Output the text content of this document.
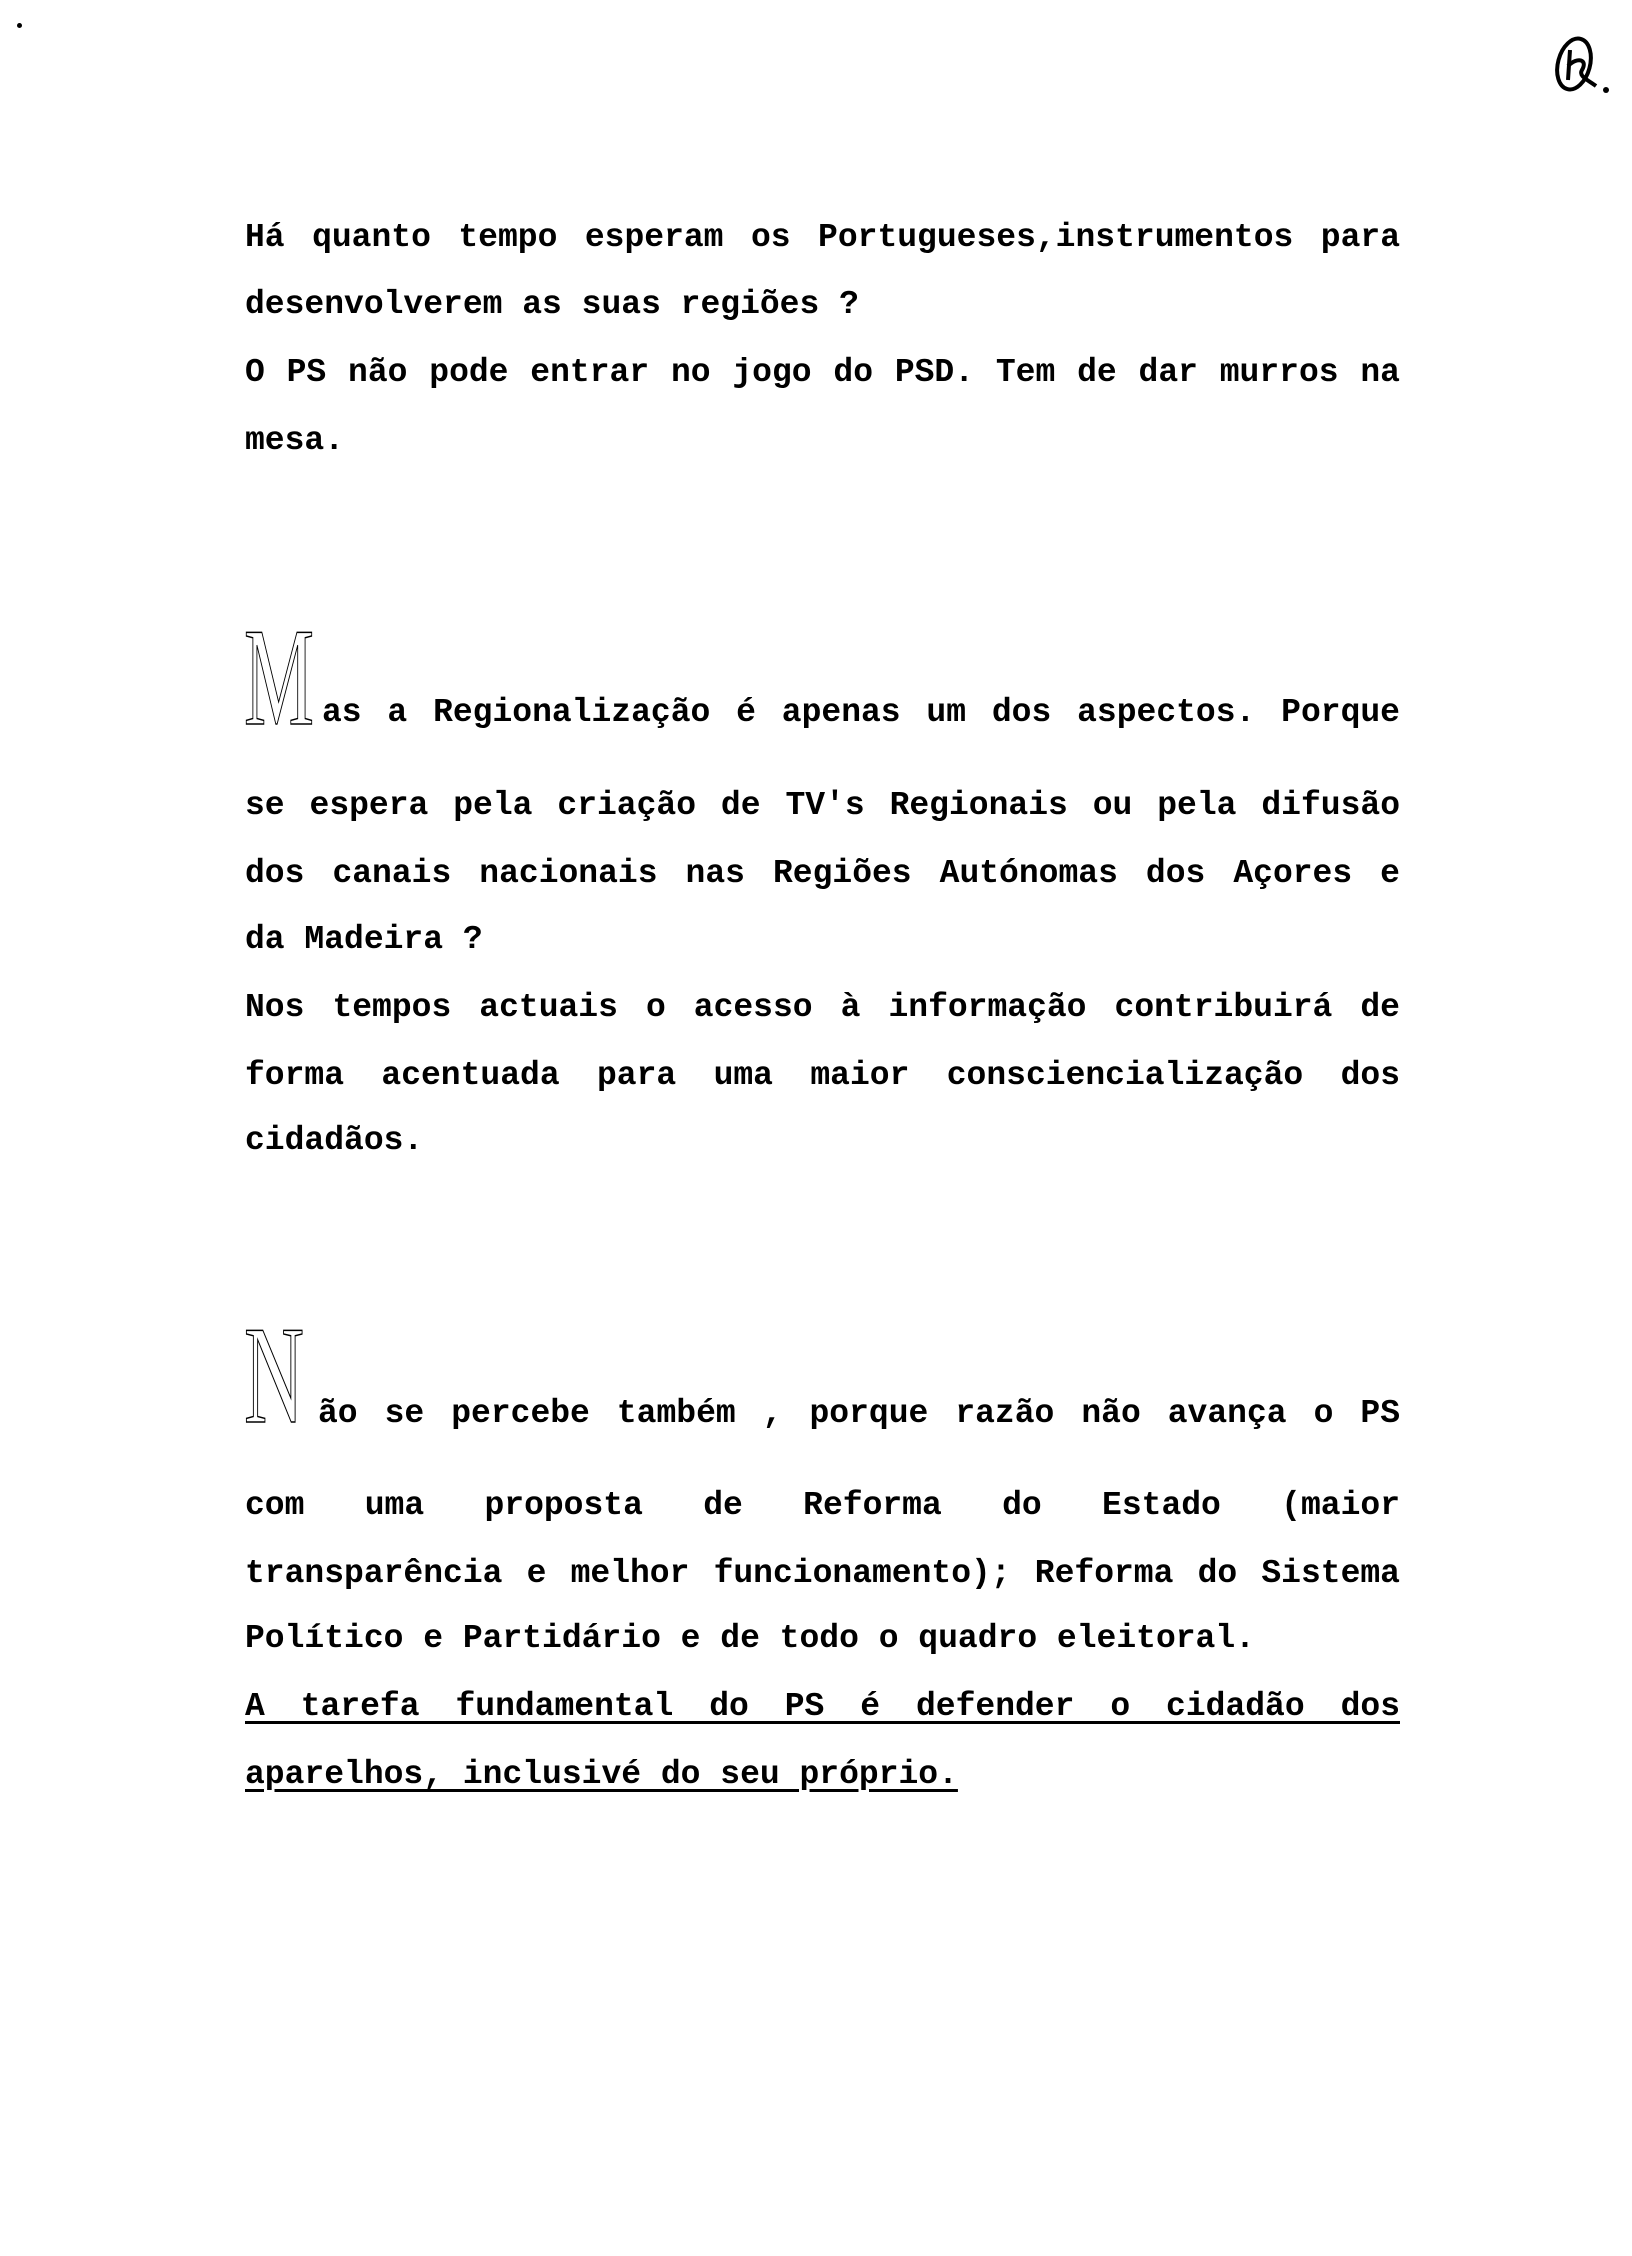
Há quanto tempo esperam os Portugueses,instrumentos para
desenvolverem as suas regiões ?
O PS não pode entrar no jogo do PSD. Tem de dar murros na
mesa.
M as a Regionalização é apenas um dos aspectos. Porque
se espera pela criação de TV's Regionais ou pela difusão
dos canais nacionais nas Regiões Autónomas dos Açores e
da Madeira ?
Nos tempos actuais o acesso à informação contribuirá de
forma acentuada para uma maior consciencialização dos
cidadãos.
N ão se percebe também , porque razão não avança o PS
com uma proposta de Reforma do Estado (maior
transparência e melhor funcionamento); Reforma do Sistema
Político e Partidário e de todo o quadro eleitoral.
A tarefa fundamental do PS é defender o cidadão dos
aparelhos, inclusivé do seu próprio.
